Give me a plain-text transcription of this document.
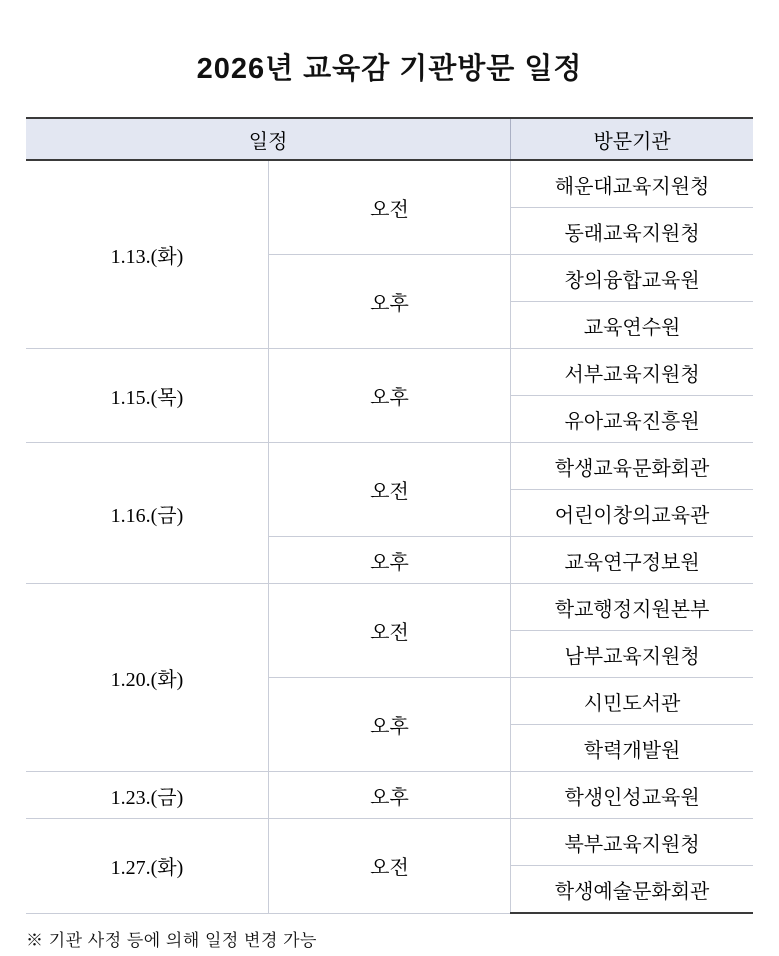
2026년 교육감 기관방문 일정
일정		방문기관
1.13.(화)	오전	해운대교육지원청
		동래교육지원청
	오후	창의융합교육원
		교육연수원
1.15.(목)	오후	서부교육지원청
		유아교육진흥원
1.16.(금)	오전	학생교육문화회관
		어린이창의교육관
	오후	교육연구정보원
1.20.(화)	오전	학교행정지원본부
		남부교육지원청
	오후	시민도서관
		학력개발원
1.23.(금)	오후	학생인성교육원
1.27.(화)	오전	북부교육지원청
		학생예술문화회관
※ 기관 사정 등에 의해 일정 변경 가능
